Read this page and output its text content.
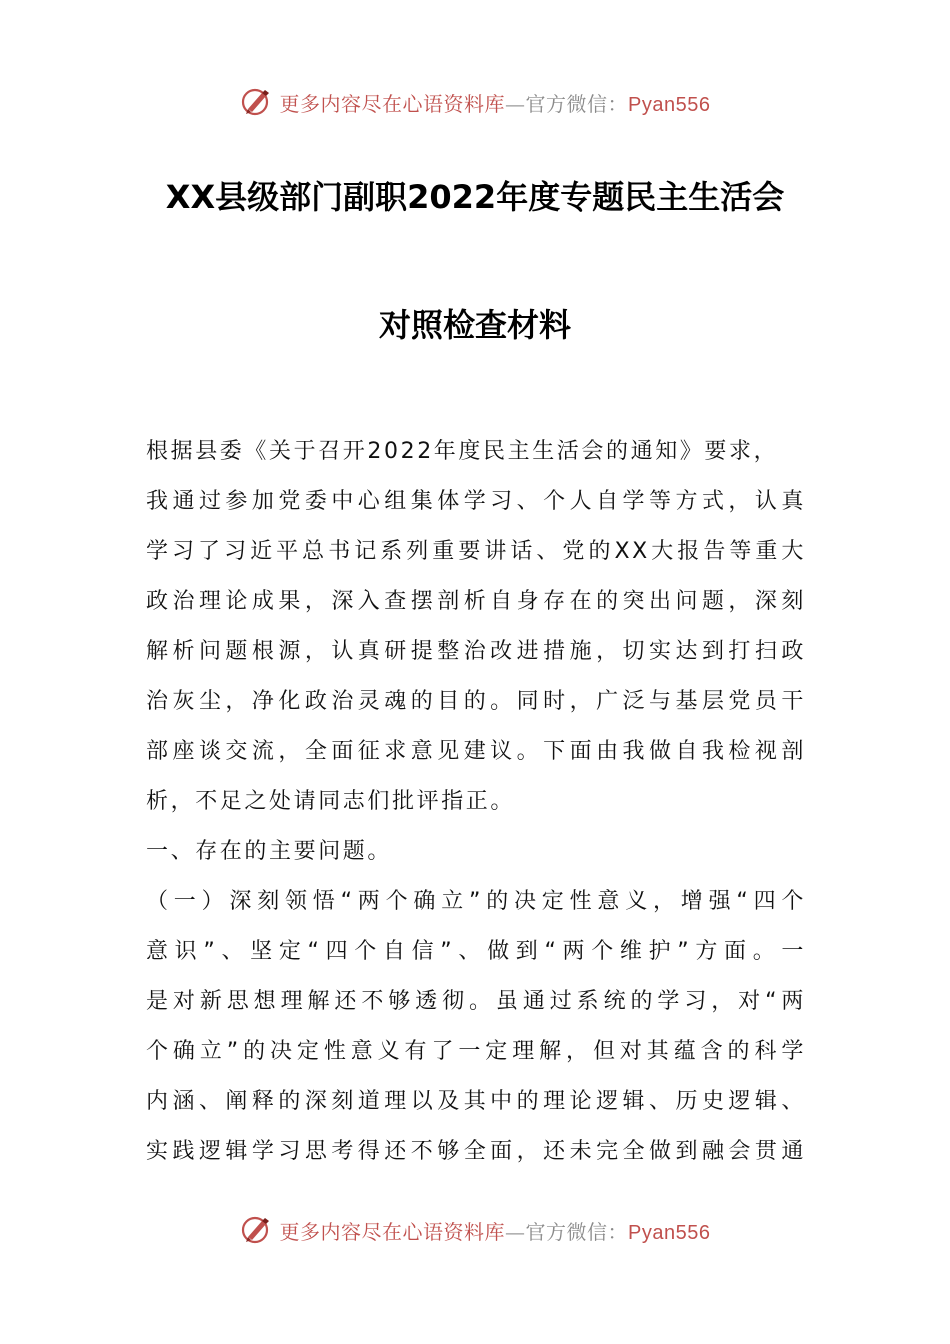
更多内容尽在心语资料库—官方微信：Pyan556
XX县级部门副职2022年度专题民主生活会
对照检查材料
根据县委《关于召开2022年度民主生活会的通知》要求，
我通过参加党委中心组集体学习、个人自学等方式，认真
学习了习近平总书记系列重要讲话、党的XX大报告等重大
政治理论成果，深入查摆剖析自身存在的突出问题，深刻
解析问题根源，认真研提整治改进措施，切实达到打扫政
治灰尘，净化政治灵魂的目的。同时，广泛与基层党员干
部座谈交流，全面征求意见建议。下面由我做自我检视剖
析，不足之处请同志们批评指正。
一、存在的主要问题。
（一）深刻领悟“两个确立”的决定性意义，增强“四个
意识”、坚定“四个自信”、做到“两个维护”方面。一
是对新思想理解还不够透彻。虽通过系统的学习，对“两
个确立”的决定性意义有了一定理解，但对其蕴含的科学
内涵、阐释的深刻道理以及其中的理论逻辑、历史逻辑、
实践逻辑学习思考得还不够全面，还未完全做到融会贯通
更多内容尽在心语资料库—官方微信：Pyan556
